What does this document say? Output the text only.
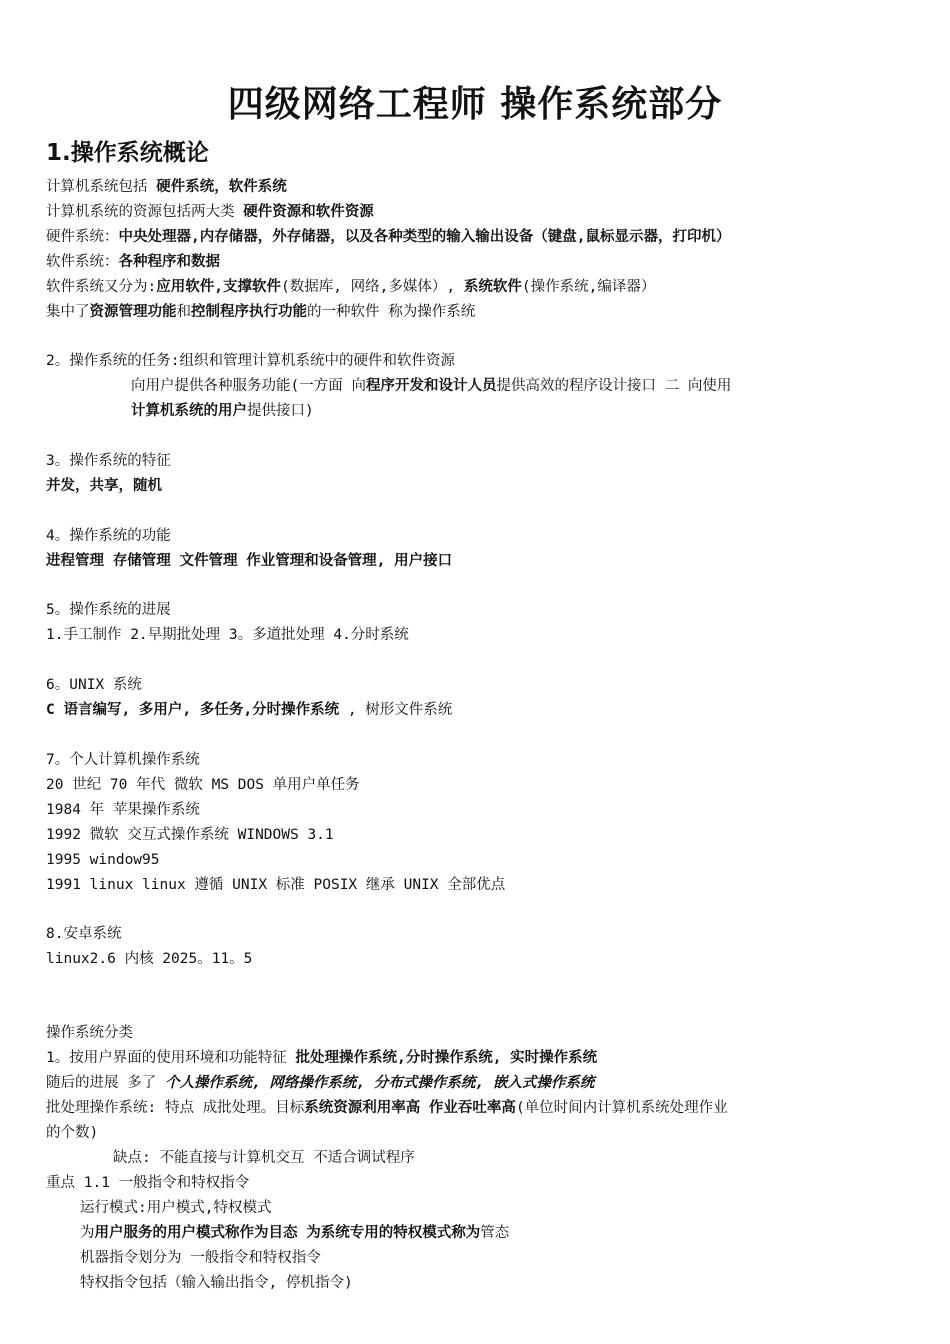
四级网络工程师 操作系统部分
1.操作系统概论
计算机系统包括 硬件系统，软件系统
计算机系统的资源包括两大类 硬件资源和软件资源
硬件系统：中央处理器,内存储器，外存储器，以及各种类型的输入输出设备（键盘,鼠标显示器，打印机）
软件系统：各种程序和数据
软件系统又分为:应用软件,支撑软件(数据库, 网络,多媒体）, 系统软件(操作系统,编译器）
集中了资源管理功能和控制程序执行功能的一种软件 称为操作系统
2。操作系统的任务:组织和管理计算机系统中的硬件和软件资源
向用户提供各种服务功能(一方面 向程序开发和设计人员提供高效的程序设计接口 二 向使用
计算机系统的用户提供接口)
3。操作系统的特征
并发，共享，随机
4。操作系统的功能
进程管理 存储管理 文件管理 作业管理和设备管理, 用户接口
5。操作系统的进展
1.手工制作 2.早期批处理 3。多道批处理 4.分时系统
6。UNIX 系统
C 语言编写, 多用户, 多任务,分时操作系统 , 树形文件系统
7。个人计算机操作系统
20 世纪 70 年代 微软 MS DOS 单用户单任务
1984 年 苹果操作系统
1992 微软 交互式操作系统 WINDOWS 3.1
1995 window95
1991 linux linux 遵循 UNIX 标准 POSIX 继承 UNIX 全部优点
8.安卓系统
linux2.6 内核 2025。11。5
操作系统分类
1。按用户界面的使用环境和功能特征 批处理操作系统,分时操作系统, 实时操作系统
随后的进展 多了 个人操作系统, 网络操作系统, 分布式操作系统, 嵌入式操作系统
批处理操作系统: 特点 成批处理。目标系统资源利用率高 作业吞吐率高(单位时间内计算机系统处理作业
的个数)
缺点: 不能直接与计算机交互 不适合调试程序
重点 1.1 一般指令和特权指令
运行模式:用户模式,特权模式
为用户服务的用户模式称作为目态 为系统专用的特权模式称为管态
机器指令划分为 一般指令和特权指令
特权指令包括（输入输出指令, 停机指令)
